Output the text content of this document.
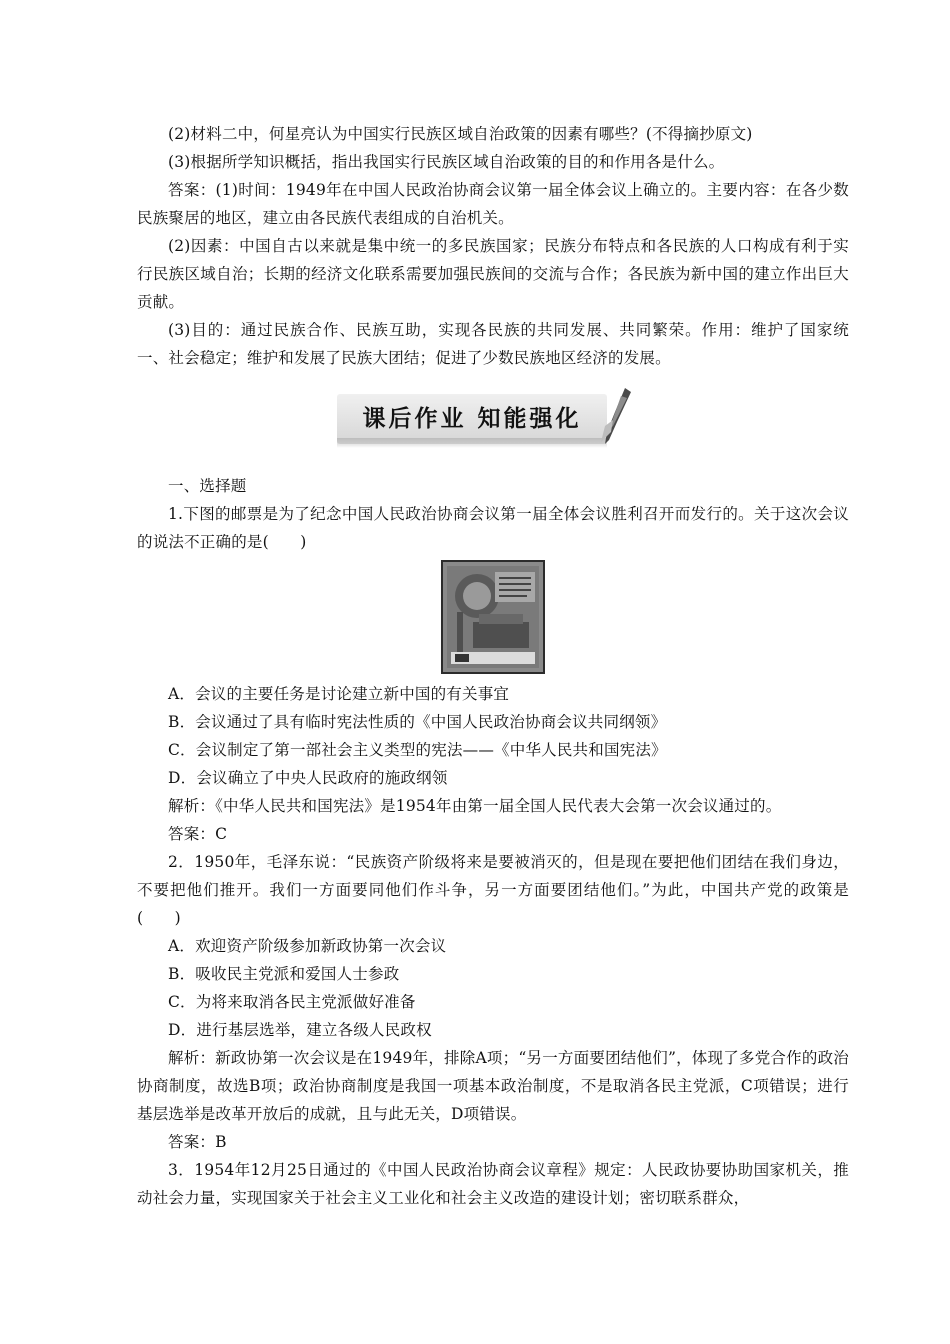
(2)材料二中，何星亮认为中国实行民族区域自治政策的因素有哪些？(不得摘抄原文)

(3)根据所学知识概括，指出我国实行民族区域自治政策的目的和作用各是什么。

答案：(1)时间：1949年在中国人民政治协商会议第一届全体会议上确立的。主要内容：在各少数民族聚居的地区，建立由各民族代表组成的自治机关。

(2)因素：中国自古以来就是集中统一的多民族国家；民族分布特点和各民族的人口构成有利于实行民族区域自治；长期的经济文化联系需要加强民族间的交流与合作；各民族为新中国的建立作出巨大贡献。

(3)目的：通过民族合作、民族互助，实现各民族的共同发展、共同繁荣。作用：维护了国家统一、社会稳定；维护和发展了民族大团结；促进了少数民族地区经济的发展。

课后作业 知能强化

一、选择题

1.下图的邮票是为了纪念中国人民政治协商会议第一届全体会议胜利召开而发行的。关于这次会议的说法不正确的是(　　)

A．会议的主要任务是讨论建立新中国的有关事宜

B．会议通过了具有临时宪法性质的《中国人民政治协商会议共同纲领》

C．会议制定了第一部社会主义类型的宪法——《中华人民共和国宪法》

D．会议确立了中央人民政府的施政纲领

解析：《中华人民共和国宪法》是1954年由第一届全国人民代表大会第一次会议通过的。

答案：C

2．1950年，毛泽东说：“民族资产阶级将来是要被消灭的，但是现在要把他们团结在我们身边，不要把他们推开。我们一方面要同他们作斗争，另一方面要团结他们。”为此，中国共产党的政策是(　　)

A．欢迎资产阶级参加新政协第一次会议

B．吸收民主党派和爱国人士参政

C．为将来取消各民主党派做好准备

D．进行基层选举，建立各级人民政权

解析：新政协第一次会议是在1949年，排除A项；“另一方面要团结他们”，体现了多党合作的政治协商制度，故选B项；政治协商制度是我国一项基本政治制度，不是取消各民主党派，C项错误；进行基层选举是改革开放后的成就，且与此无关，D项错误。

答案：B

3．1954年12月25日通过的《中国人民政治协商会议章程》规定：人民政协要协助国家机关，推动社会力量，实现国家关于社会主义工业化和社会主义改造的建设计划；密切联系群众，
